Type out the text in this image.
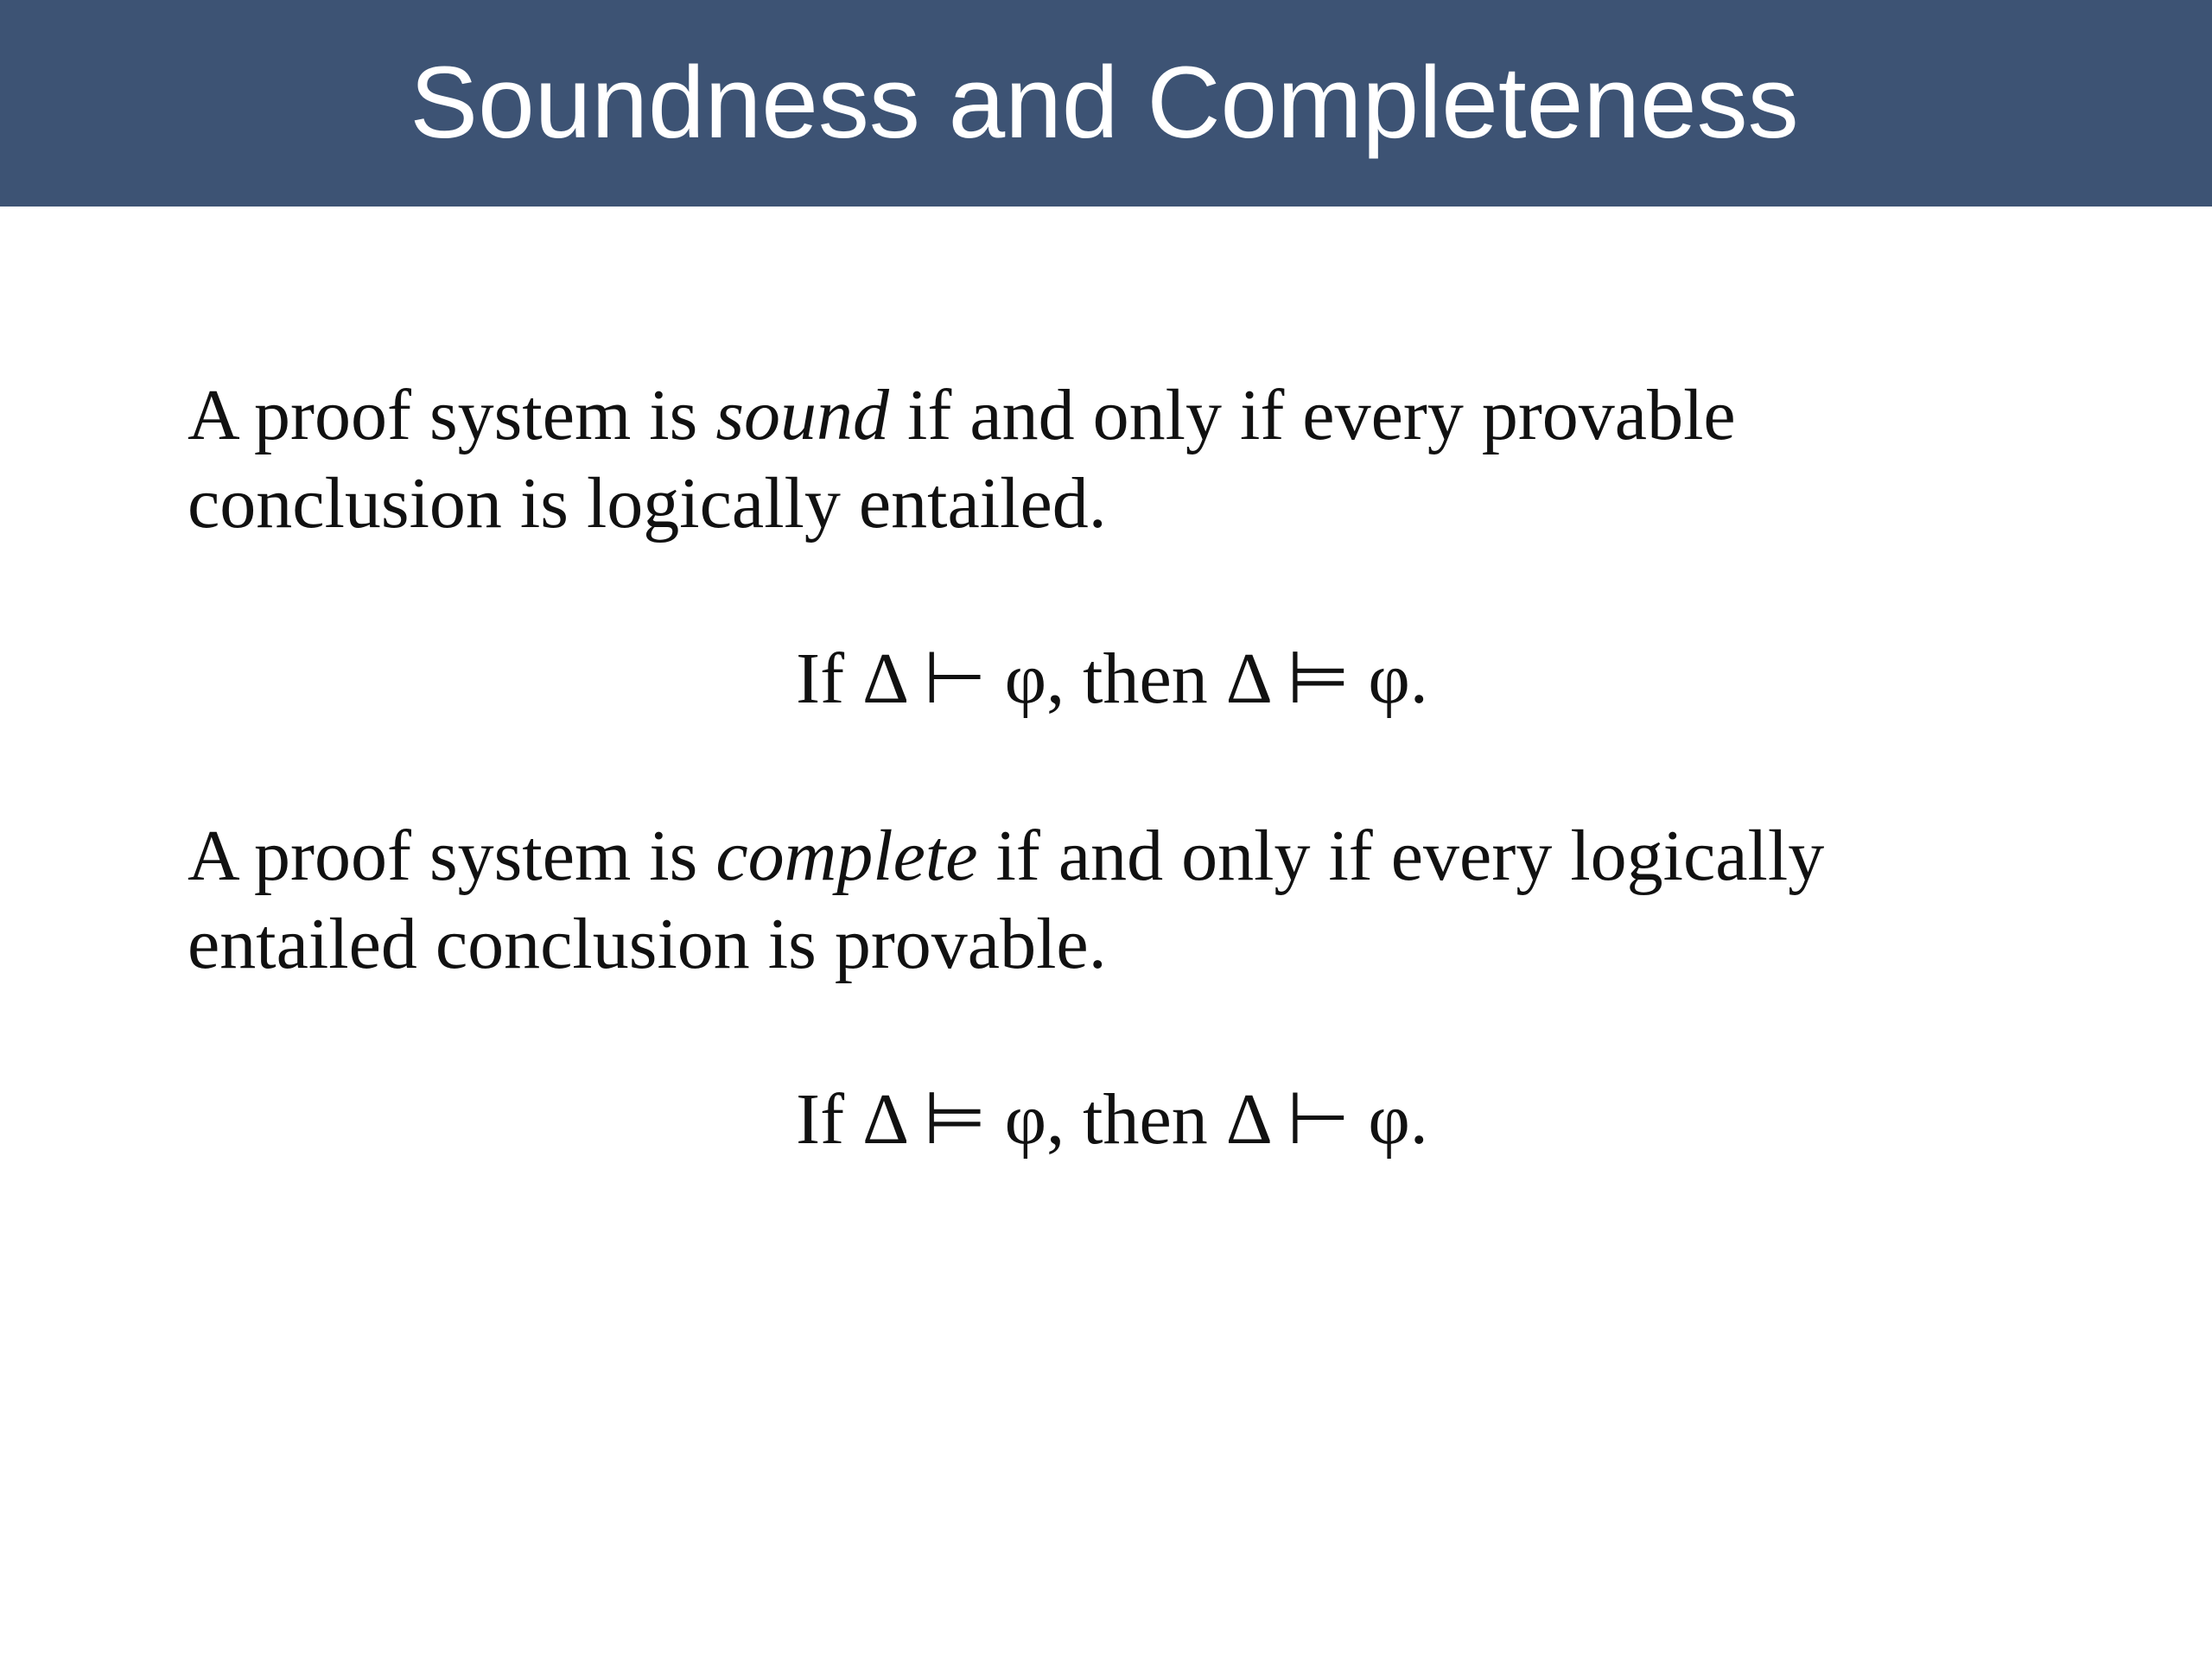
Soundness and Completeness

A proof system is sound if and only if every provable
conclusion is logically entailed.

If Δ ⊢ φ, then Δ ⊨ φ.

A proof system is complete if and only if every logically
entailed conclusion is provable.

If Δ ⊨ φ, then Δ ⊢ φ.
